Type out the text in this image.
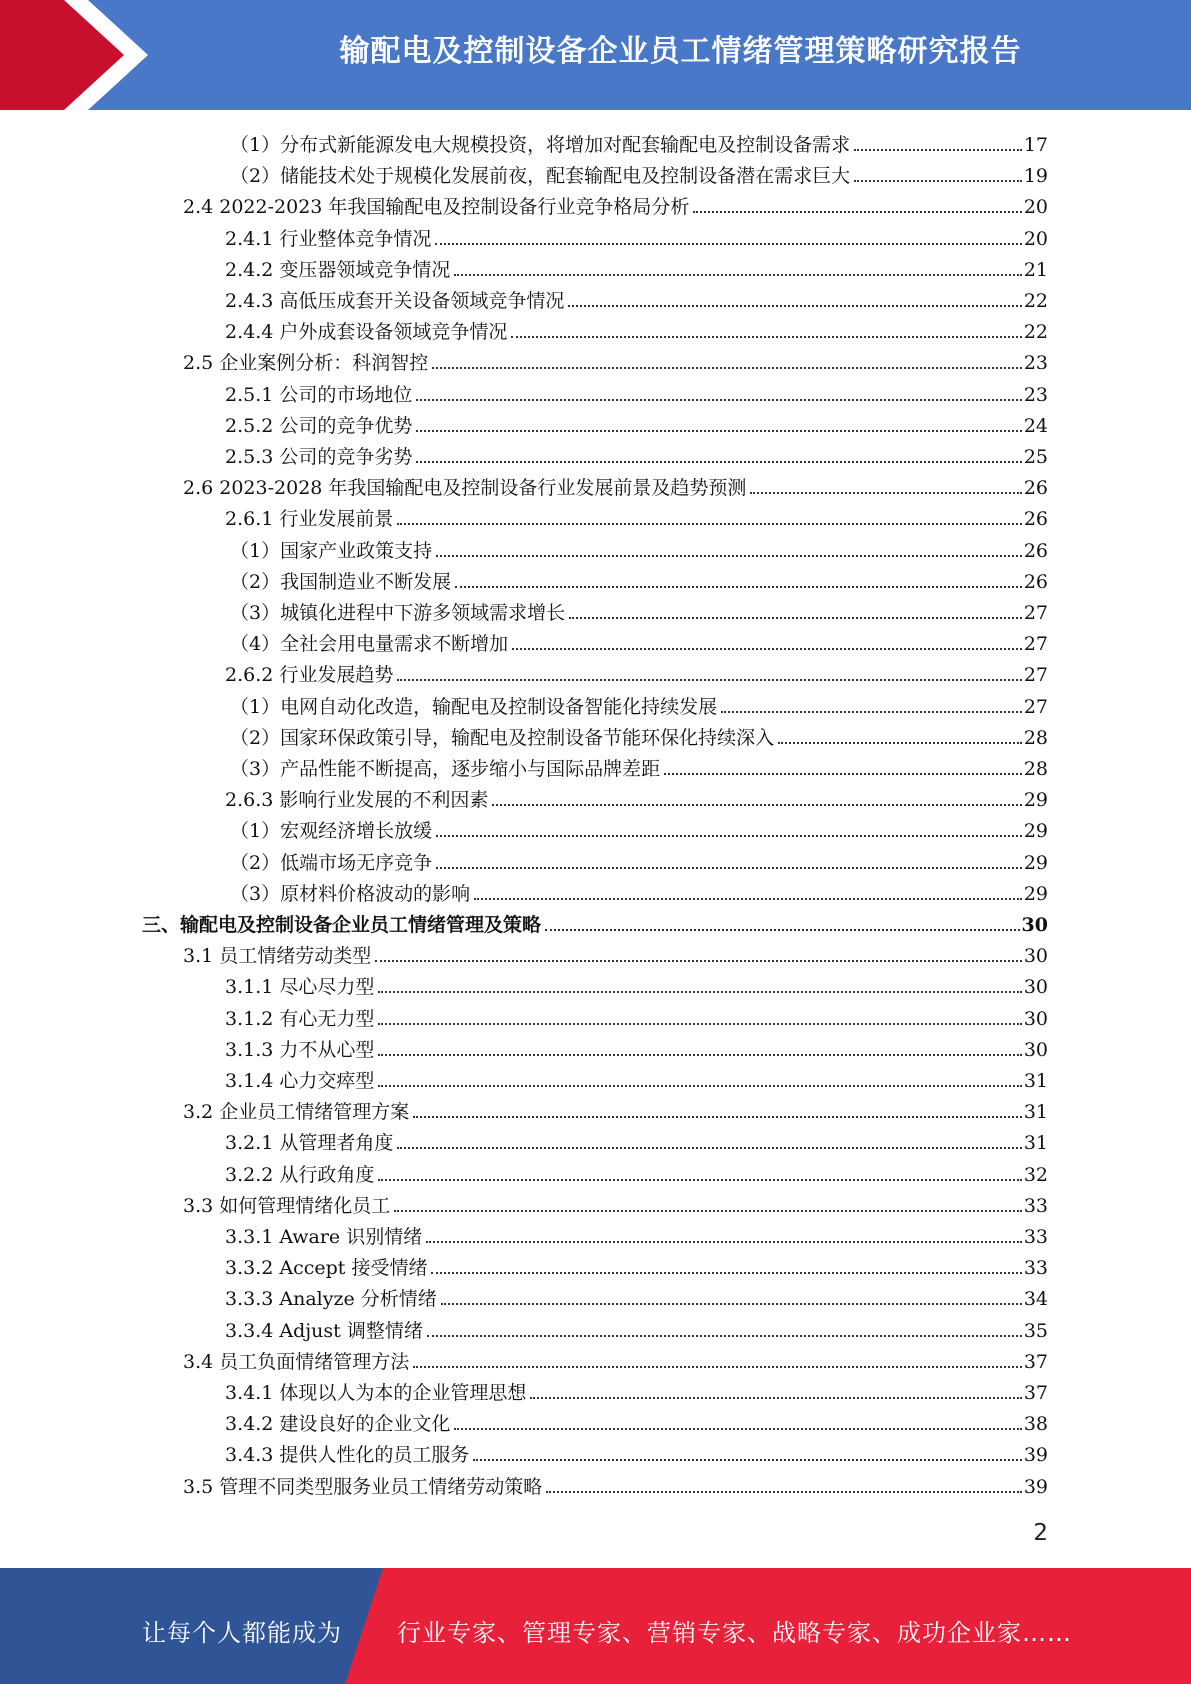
输配电及控制设备企业员工情绪管理策略研究报告
（1）分布式新能源发电大规模投资，将增加对配套输配电及控制设备需求	17
（2）储能技术处于规模化发展前夜，配套输配电及控制设备潜在需求巨大	19
2.4 2022-2023 年我国输配电及控制设备行业竞争格局分析	20
2.4.1 行业整体竞争情况	20
2.4.2 变压器领域竞争情况	21
2.4.3 高低压成套开关设备领域竞争情况	22
2.4.4 户外成套设备领域竞争情况	22
2.5 企业案例分析：科润智控	23
2.5.1 公司的市场地位	23
2.5.2 公司的竞争优势	24
2.5.3 公司的竞争劣势	25
2.6 2023-2028 年我国输配电及控制设备行业发展前景及趋势预测	26
2.6.1 行业发展前景	26
（1）国家产业政策支持	26
（2）我国制造业不断发展	26
（3）城镇化进程中下游多领域需求增长	27
（4）全社会用电量需求不断增加	27
2.6.2 行业发展趋势	27
（1）电网自动化改造，输配电及控制设备智能化持续发展	27
（2）国家环保政策引导，输配电及控制设备节能环保化持续深入	28
（3）产品性能不断提高，逐步缩小与国际品牌差距	28
2.6.3 影响行业发展的不利因素	29
（1）宏观经济增长放缓	29
（2）低端市场无序竞争	29
（3）原材料价格波动的影响	29
三、输配电及控制设备企业员工情绪管理及策略	30
3.1 员工情绪劳动类型	30
3.1.1 尽心尽力型	30
3.1.2 有心无力型	30
3.1.3 力不从心型	30
3.1.4 心力交瘁型	31
3.2 企业员工情绪管理方案	31
3.2.1 从管理者角度	31
3.2.2 从行政角度	32
3.3 如何管理情绪化员工	33
3.3.1 Aware 识别情绪	33
3.3.2 Accept 接受情绪	33
3.3.3 Analyze 分析情绪	34
3.3.4 Adjust 调整情绪	35
3.4 员工负面情绪管理方法	37
3.4.1 体现以人为本的企业管理思想	37
3.4.2 建设良好的企业文化	38
3.4.3 提供人性化的员工服务	39
3.5 管理不同类型服务业员工情绪劳动策略	39
2
让每个人都能成为 行业专家、管理专家、营销专家、战略专家、成功企业家……
